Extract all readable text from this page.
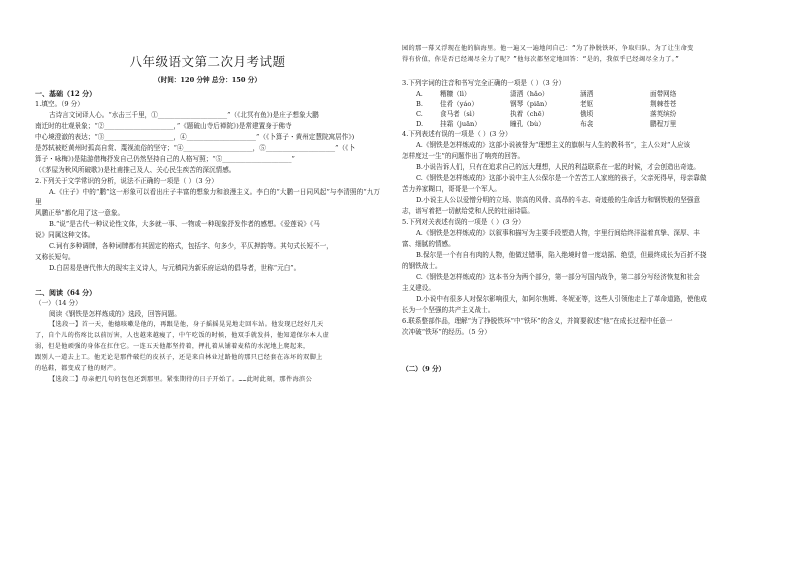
八年级语文第二次月考试题
（时间：120 分钟 总分：150 分）
一、基础（12 分）
1.填空。（9 分）
古诗言文词译人心。“水击三千里，①_____________________”（《北冥有鱼》)是庄子想象大鹏
南迁时的壮观景象；“②_____________________，”《题破山寺后禅院》)是常建置身于佛寺
中心境澄澈的表达；“③_____________________，④_____________________”（《卜算子・黄州定慧院寓居作》)
是苏轼被贬黄州时孤高自赏、蔑视流俗的坚守；“④_____________________，⑤_____________________”（《卜
算子・咏梅》)是陆游借梅抒发自己仍然坚持自己的人格写照；“⑤_____________________”
（《茅屋为秋风所破歌》)是杜甫推己及人、关心民生疾苦的深沉情感。
2.下列关于文学常识的分析，说法不正确的一项是（ ）（3 分）
A.《庄子》中的“鹏”这一形象可以看出庄子丰富的想象力和浪漫主义。李白的“大鹏一日同风起”与李清照的“九万里
风鹏正举”都化用了这一意象。
B.“说”是古代一种议论性文体，大多就一事、一物或一种现象抒发作者的感想。《爱莲说》《马
说》同属这种文体。
C.词有多种调牌，各种词牌都有其固定的格式，包括字、句多少，平仄押韵等。其句式长短不一，
又称长短句。
D.白居易是唐代伟大的现实主义诗人，与元稹同为新乐府运动的倡导者，世称“元白”。
二、阅读（64 分）
（一）（14 分）
阅读《钢铁是怎样炼成的》选段，回答问题。
【选段一】首一天，他德咳嗽是他的，再跟是他，身子摇摇晃晃地走回车站。他发现已经好几天
了，自个儿的伤疼比以前厉害，人也越来越瘦了，中午吃饭的时候，他双手就发抖，他知道保尔本人虚
弱，但是他顽强的身体在扛住它。一连五天他都坚持着，押扎着从铺着麦秸的水泥地上爬起来，
跟别人一道去上工。他无论是那件破烂的皮袄子，还是来自林业过路他的那只已经套在冻坏的双脚上
的毡鞋，都变成了他的财产。
【选段二】母亲把几句的包包还到那里。紧张期待的日子开始了。……此时此刻，那件海滨公
园的那一幕又浮现在他的脑海里。他一遍又一遍地问自己：“为了挣脱铁环，争取归队，为了让生命变
得有价值，你是否已经竭尽全力了呢？”他每次都坚定地回答：“是的，我似乎已经竭尽全力了。”
3.下列字词的注音和书写完全正确的一项是（ ）（3 分）
A.	糟糠（lì）	潇洒（hǎo）	涵洒	面带网络
B.	佳肴（yáo）	钢琴（piān）	老妪	荆棘苍苍
C.	食马者（sì）	执着（chē）	俄顷	落英缤纷
D.	挂霜（juān）	瞳孔（bù）	布衾	鹏程万里
4.下列表述有误的一项是（ ）(3 分）
A.《钢铁是怎样炼成的》这部小说被誉为“理想主义的旗帜与人生的教科书”，主人公对“人应该
怎样度过一生”的问题作出了响亮的回答。
B.小说告诉人们，只有在追求自己的远大理想，人民的利益联系在一起的时候，才会创造出奇迹。
C.《钢铁是怎样炼成的》这部小说中主人公保尔是一个苦苦工人家庭的孩子，父亲死得早，母亲靠做
苦力养家糊口，哥哥是一个军人。
D.小说主人公以爱憎分明的立场、崇高的风骨、高昂的斗志、奇迹般的生命活力和钢铁般的坚强意
志，谱写着把一切献给党和人民的壮丽诗篇。
5.下列对关表述有误的一项是（ ）(3 分）
A.《钢铁是怎样炼成的》以叙事和描写为主要手段塑造人物，宇里行间给终洋溢着真挚、深厚、丰
富、细腻的情感。
B.保尔是一个有自有肉的人物，他做过错事，陷入绝境时曾一度动摇、绝望，但最终成长为百折不挠
的钢铁战士。
C.《钢铁是怎样炼成的》这本书分为两个部分，第一部分写国内战争，第二部分写经济恢复和社会
主义建设。
D.小说中有很多人对保尔影响很大，如阿尔焦姆、冬妮亚等，这些人引领他走上了革命道路，使他成
长为一个坚强的共产主义战士。
6.联系整部作品，理解“为了挣脱铁环”中“铁环”的含义，并简要叙述“他”在成长过程中任意一
次冲破“铁环”的经历。（5 分）
（二）（9 分）
